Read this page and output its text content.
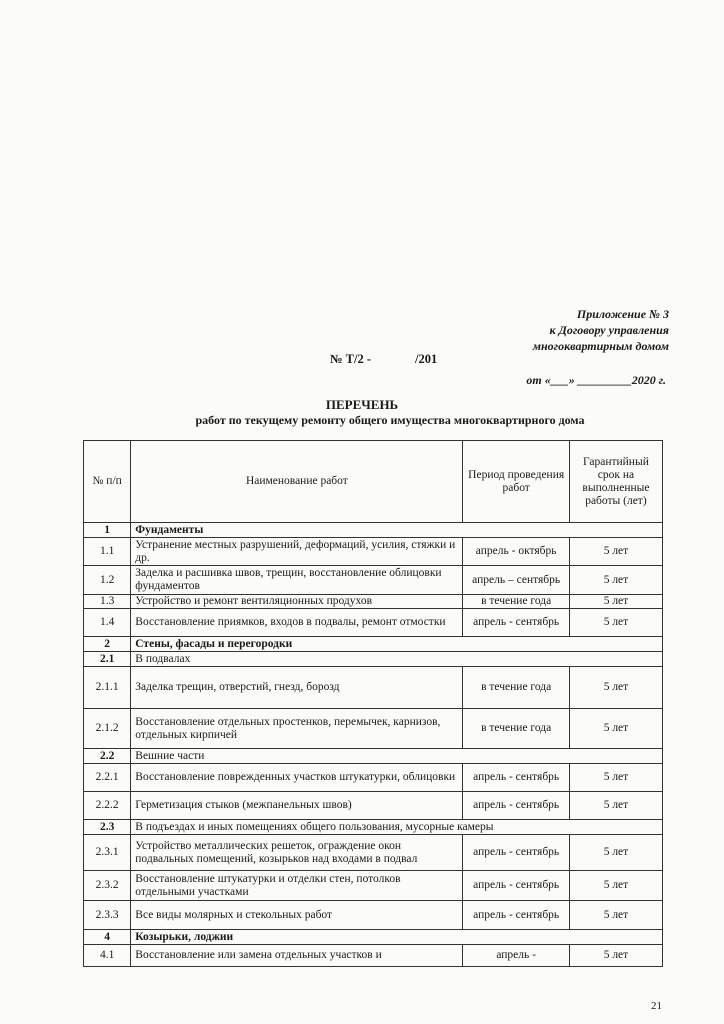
Приложение № 3
к Договору управления
многоквартирным домом
№ Т/2 -	/201
от «___» _________2020 г.
ПЕРЕЧЕНЬ
работ по текущему ремонту общего имущества многоквартирного дома
№ п/п	Наименование работ	Период проведения работ	Гарантийный срок на выполненные работы (лет)
1	Фундаменты		
1.1	Устранение местных разрушений, деформаций, усилия, стяжки и др.	апрель - октябрь	5 лет
1.2	Заделка и расшивка швов, трещин, восстановление облицовки фундаментов	апрель – сентябрь	5 лет
1.3	Устройство и ремонт вентиляционных продухов	в течение года	5 лет
1.4	Восстановление приямков, входов в подвалы, ремонт отмостки	апрель - сентябрь	5 лет
2	Стены, фасады и перегородки		
2.1	В подвалах		
2.1.1	Заделка трещин, отверстий, гнезд, борозд	в течение года	5 лет
2.1.2	Восстановление отдельных простенков, перемычек, карнизов, отдельных кирпичей	в течение года	5 лет
2.2	Вешние части		
2.2.1	Восстановление поврежденных участков штукатурки, облицовки	апрель - сентябрь	5 лет
2.2.2	Герметизация стыков (межпанельных швов)	апрель - сентябрь	5 лет
2.3	В подъездах и иных помещениях общего пользования, мусорные камеры		
2.3.1	Устройство металлических решеток, ограждение окон подвальных помещений, козырьков над входами в подвал	апрель - сентябрь	5 лет
2.3.2	Восстановление штукатурки и отделки стен, потолков отдельными участками	апрель - сентябрь	5 лет
2.3.3	Все виды молярных и стекольных работ	апрель - сентябрь	5 лет
4	Козырьки, лоджии		
4.1	Восстановление или замена отдельных участков и	апрель -	5 лет
21
